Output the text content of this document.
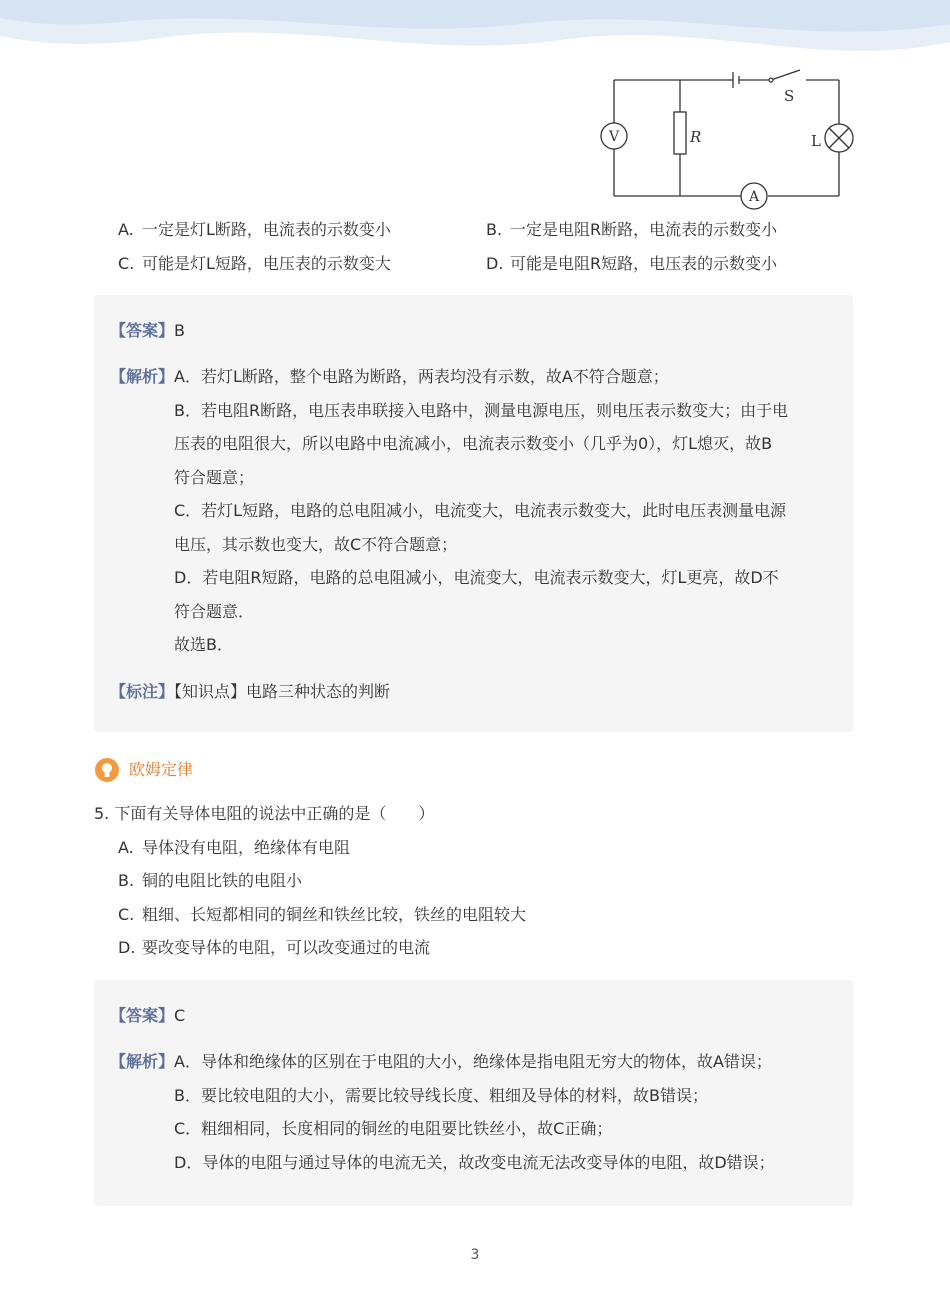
V
A
R	L
S
A. 一定是灯L断路，电流表的示数变小	B. 一定是电阻R断路，电流表的示数变小
C. 可能是灯L短路，电压表的示数变大	D. 可能是电阻R短路，电压表的示数变小
【答案】B
【解析】 A．若灯L断路，整个电路为断路，两表均没有示数，故A不符合题意；
B．若电阻R断路，电压表串联接入电路中，测量电源电压，则电压表示数变大；由于电
压表的电阻很大，所以电路中电流减小，电流表示数变小（几乎为0），灯L熄灭，故B
符合题意；
C．若灯L短路，电路的总电阻减小，电流变大，电流表示数变大，此时电压表测量电源
电压，其示数也变大，故C不符合题意；
D．若电阻R短路，电路的总电阻减小，电流变大，电流表示数变大，灯L更亮，故D不
符合题意．
故选B．
【标注】【知识点】电路三种状态的判断
欧姆定律
5. 下面有关导体电阻的说法中正确的是（　　）
A. 导体没有电阻，绝缘体有电阻
B. 铜的电阻比铁的电阻小
C. 粗细、长短都相同的铜丝和铁丝比较，铁丝的电阻较大
D. 要改变导体的电阻，可以改变通过的电流
【答案】C
【解析】 A．导体和绝缘体的区别在于电阻的大小，绝缘体是指电阻无穷大的物体，故A错误；
B．要比较电阻的大小，需要比较导线长度、粗细及导体的材料，故B错误；
C．粗细相同，长度相同的铜丝的电阻要比铁丝小，故C正确；
D．导体的电阻与通过导体的电流无关，故改变电流无法改变导体的电阻，故D错误；
3
